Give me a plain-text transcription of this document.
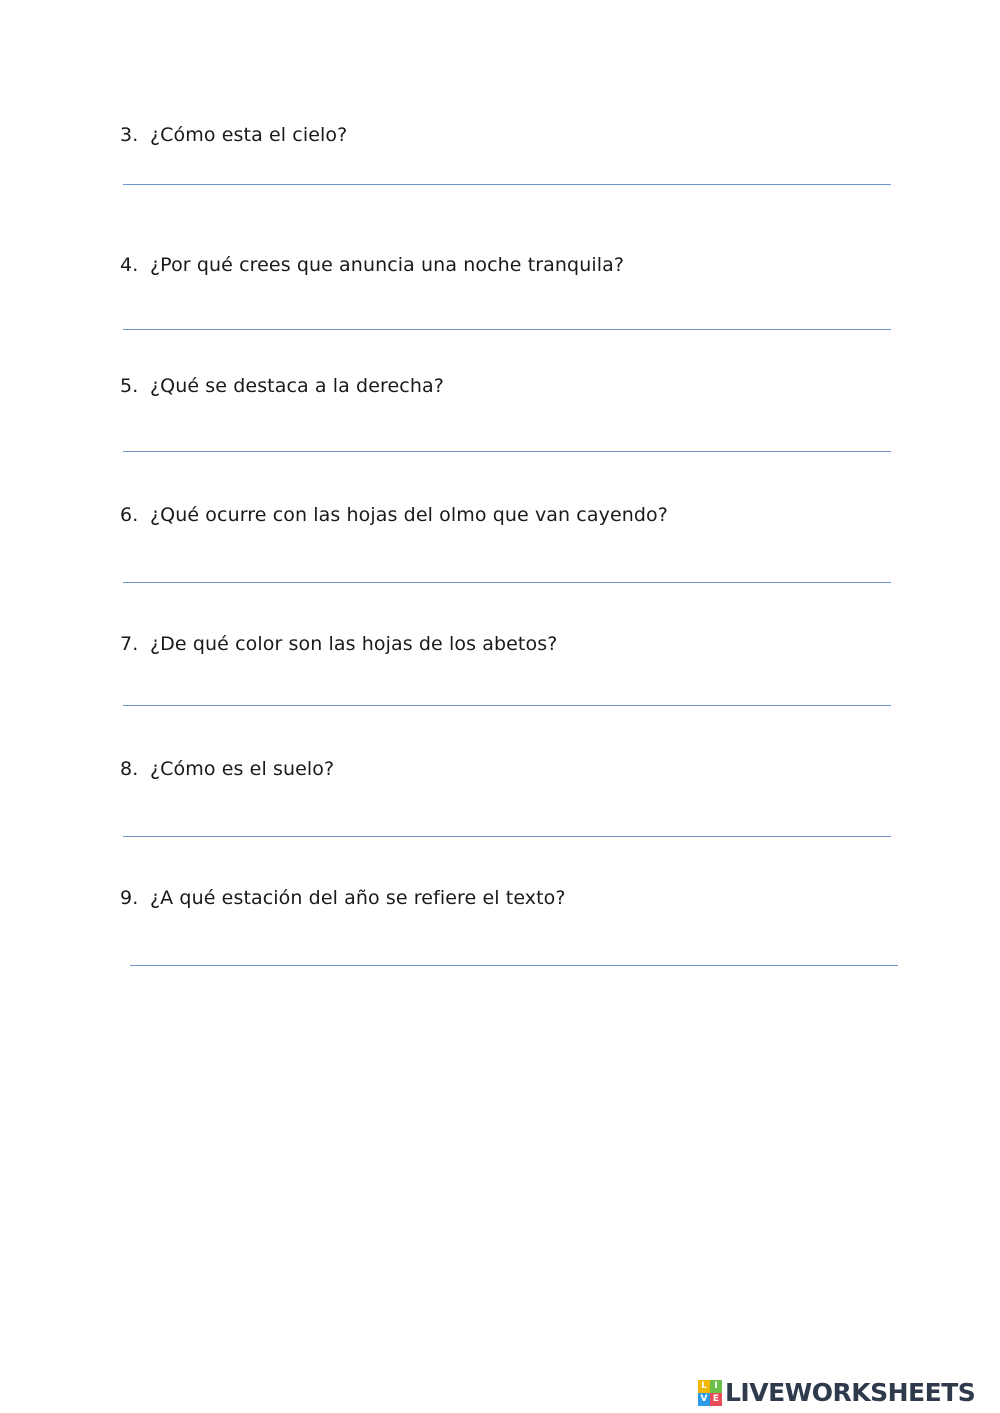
3. ¿Cómo esta el cielo?
4. ¿Por qué crees que anuncia una noche tranquila?
5. ¿Qué se destaca a la derecha?
6. ¿Qué ocurre con las hojas del olmo que van cayendo?
7. ¿De qué color son las hojas de los abetos?
8. ¿Cómo es el suelo?
9. ¿A qué estación del año se refiere el texto?
L I
V E LIVEWORKSHEETS
